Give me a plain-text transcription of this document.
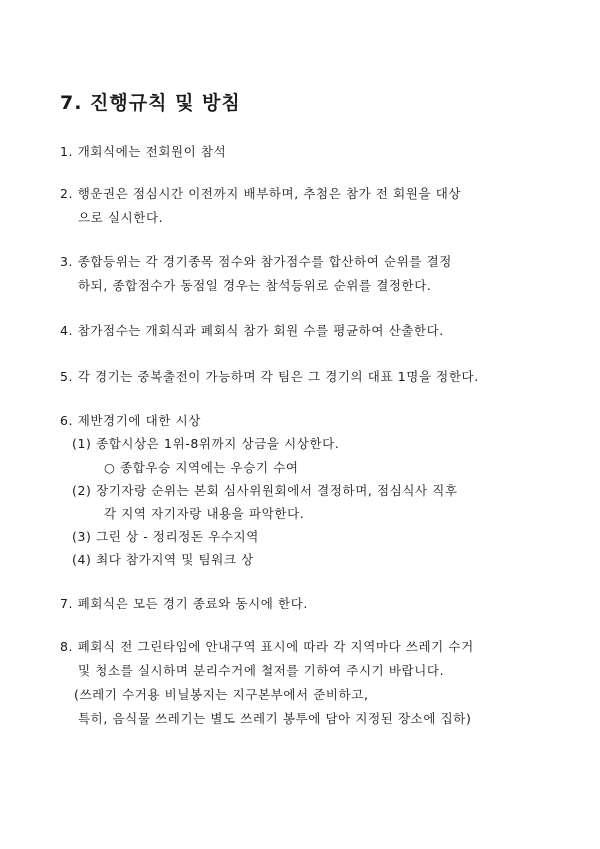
7. 진행규칙 및 방침
1. 개회식에는 전회원이 참석
2. 행운권은 점심시간 이전까지 배부하며, 추첨은 참가 전 회원을 대상
으로 실시한다.
3. 종합등위는 각 경기종목 점수와 참가점수를 합산하여 순위를 결정
하되, 종합점수가 동점일 경우는 참석등위로 순위를 결정한다.
4. 참가점수는 개회식과 폐회식 참가 회원 수를 평균하여 산출한다.
5. 각 경기는 중복출전이 가능하며 각 팀은 그 경기의 대표 1명을 정한다.
6. 제반경기에 대한 시상
(1) 종합시상은 1위-8위까지 상금을 시상한다.
○ 종합우승 지역에는 우승기 수여
(2) 장기자랑 순위는 본회 심사위원회에서 결정하며, 점심식사 직후
각 지역 자기자랑 내용을 파악한다.
(3) 그린 상 - 정리정돈 우수지역
(4) 최다 참가지역 및 팀워크 상
7. 폐회식은 모든 경기 종료와 동시에 한다.
8. 폐회식 전 그린타임에 안내구역 표시에 따라 각 지역마다 쓰레기 수거
및 청소를 실시하며 분리수거에 철저를 기하여 주시기 바랍니다.
(쓰레기 수거용 비닐봉지는 지구본부에서 준비하고,
특히, 음식물 쓰레기는 별도 쓰레기 봉투에 담아 지정된 장소에 집하)
